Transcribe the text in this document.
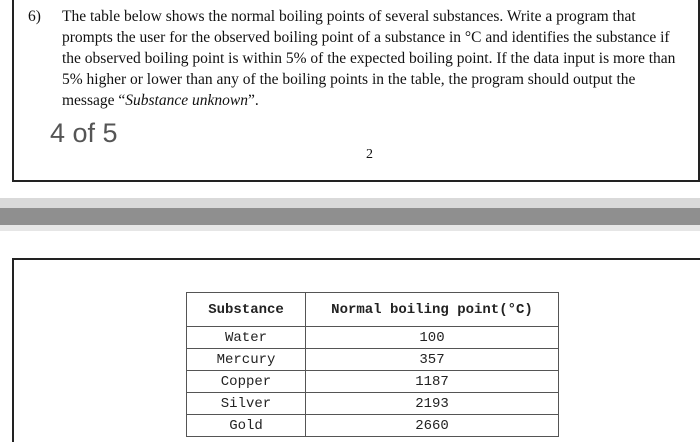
6) The table below shows the normal boiling points of several substances. Write a program that
prompts the user for the observed boiling point of a substance in °C and identifies the substance if
the observed boiling point is within 5% of the expected boiling point. If the data input is more than
5% higher or lower than any of the boiling points in the table, the program should output the
message “Substance unknown”.
4 of 5
2
Substance	Normal boiling point(°C)
Water	100
Mercury	357
Copper	1187
Silver	2193
Gold	2660
